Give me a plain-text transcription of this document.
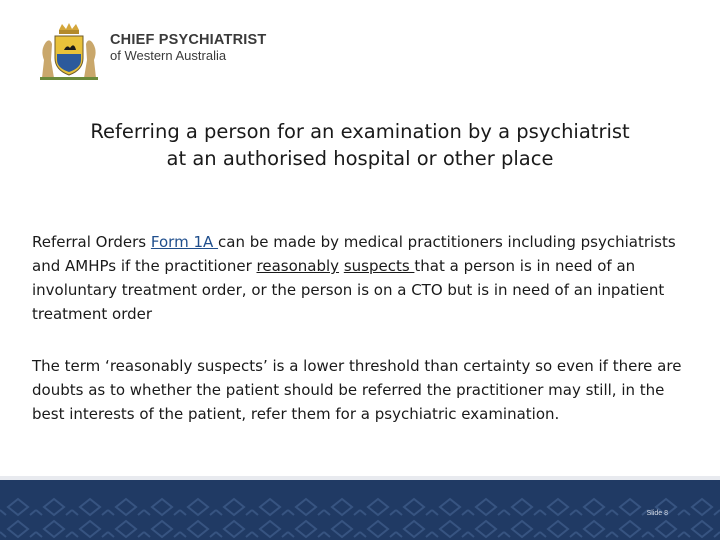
CHIEF PSYCHIATRIST
of Western Australia
Referring a person for an examination by a psychiatrist
at an authorised hospital or other place
Referral Orders Form 1A can be made by medical practitioners including psychiatrists and AMHPs if the practitioner reasonably suspects that a person is in need of an involuntary treatment order, or the person is on a CTO but is in need of an inpatient treatment order
The term ‘reasonably suspects’ is a lower threshold than certainty so even if there are doubts as to whether the patient should be referred the practitioner may still, in the best interests of the patient, refer them for a psychiatric examination.
Slide 8
